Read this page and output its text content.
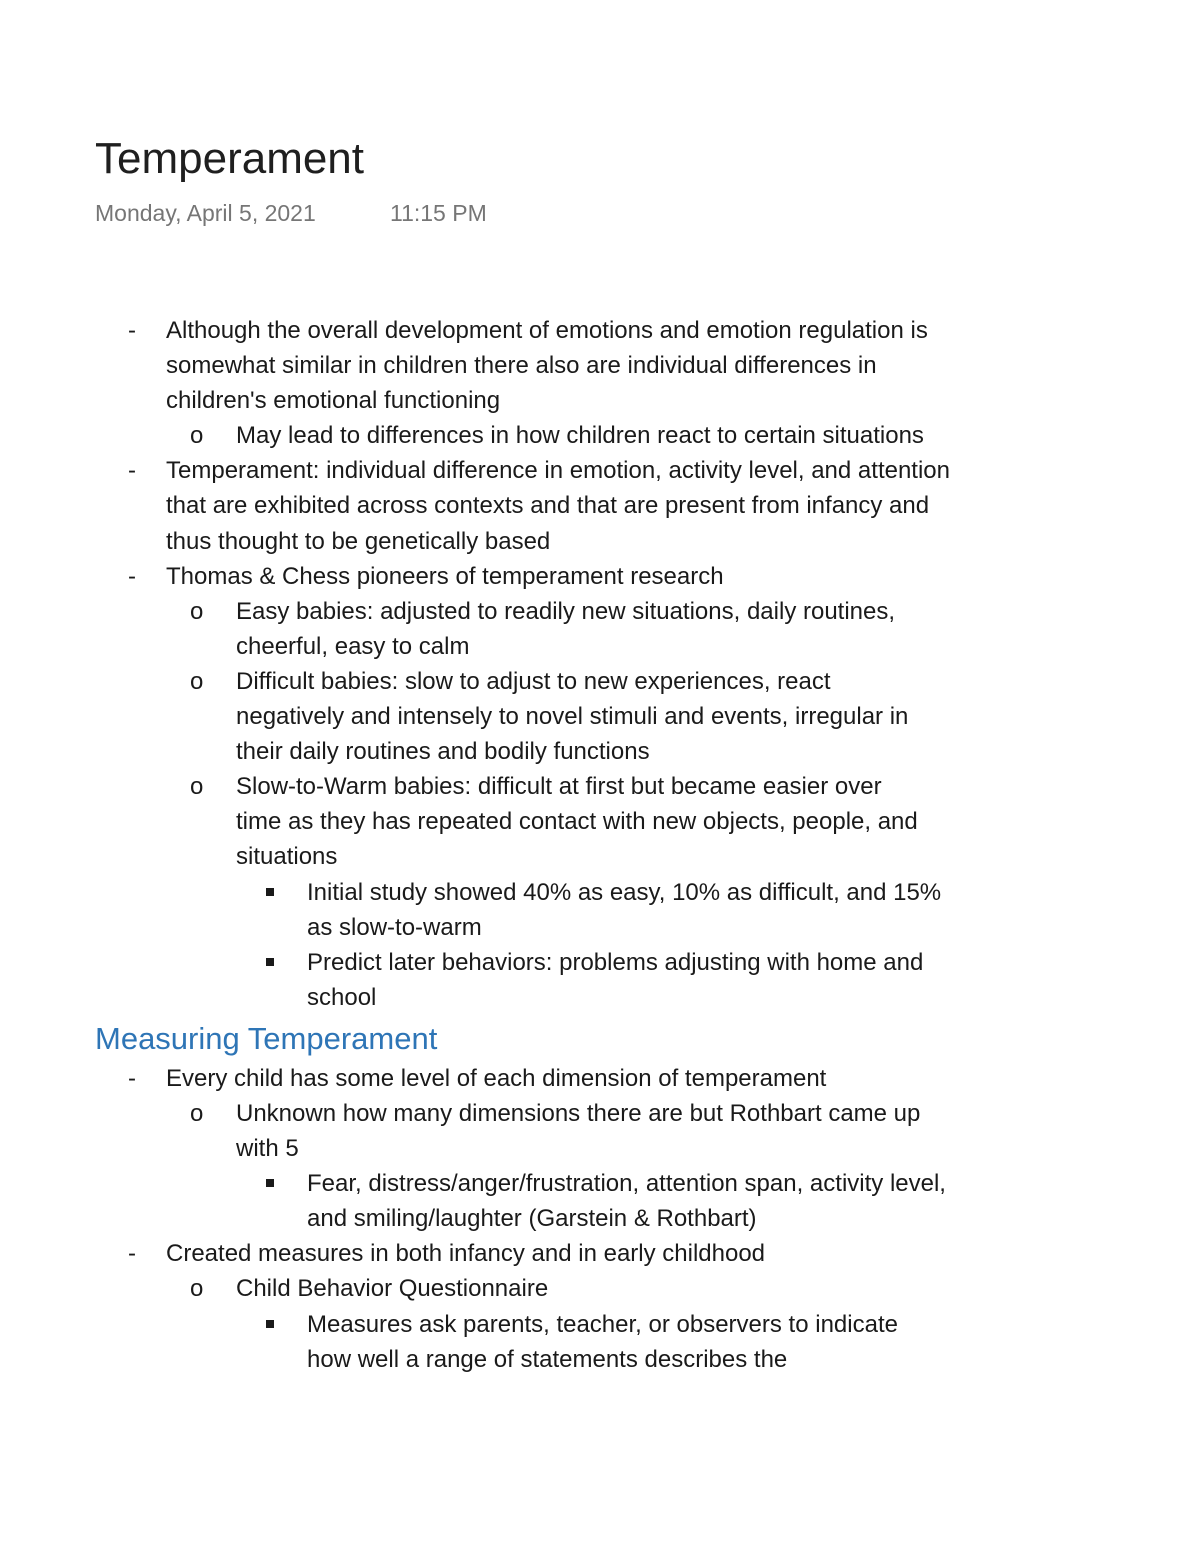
Temperament
Monday, April 5, 2021	11:15 PM
- Although the overall development of emotions and emotion regulation is somewhat similar in children there also are individual differences in children's emotional functioning
o May lead to differences in how children react to certain situations
- Temperament: individual difference in emotion, activity level, and attention that are exhibited across contexts and that are present from infancy and thus thought to be genetically based
- Thomas & Chess pioneers of temperament research
o Easy babies: adjusted to readily new situations, daily routines, cheerful, easy to calm
o Difficult babies: slow to adjust to new experiences, react negatively and intensely to novel stimuli and events, irregular in their daily routines and bodily functions
o Slow-to-Warm babies: difficult at first but became easier over time as they has repeated contact with new objects, people, and situations
Initial study showed 40% as easy, 10% as difficult, and 15% as slow-to-warm
Predict later behaviors: problems adjusting with home and school
Measuring Temperament
- Every child has some level of each dimension of temperament
o Unknown how many dimensions there are but Rothbart came up with 5
Fear, distress/anger/frustration, attention span, activity level, and smiling/laughter (Garstein & Rothbart)
- Created measures in both infancy and in early childhood
o Child Behavior Questionnaire
Measures ask parents, teacher, or observers to indicate how well a range of statements describes the
